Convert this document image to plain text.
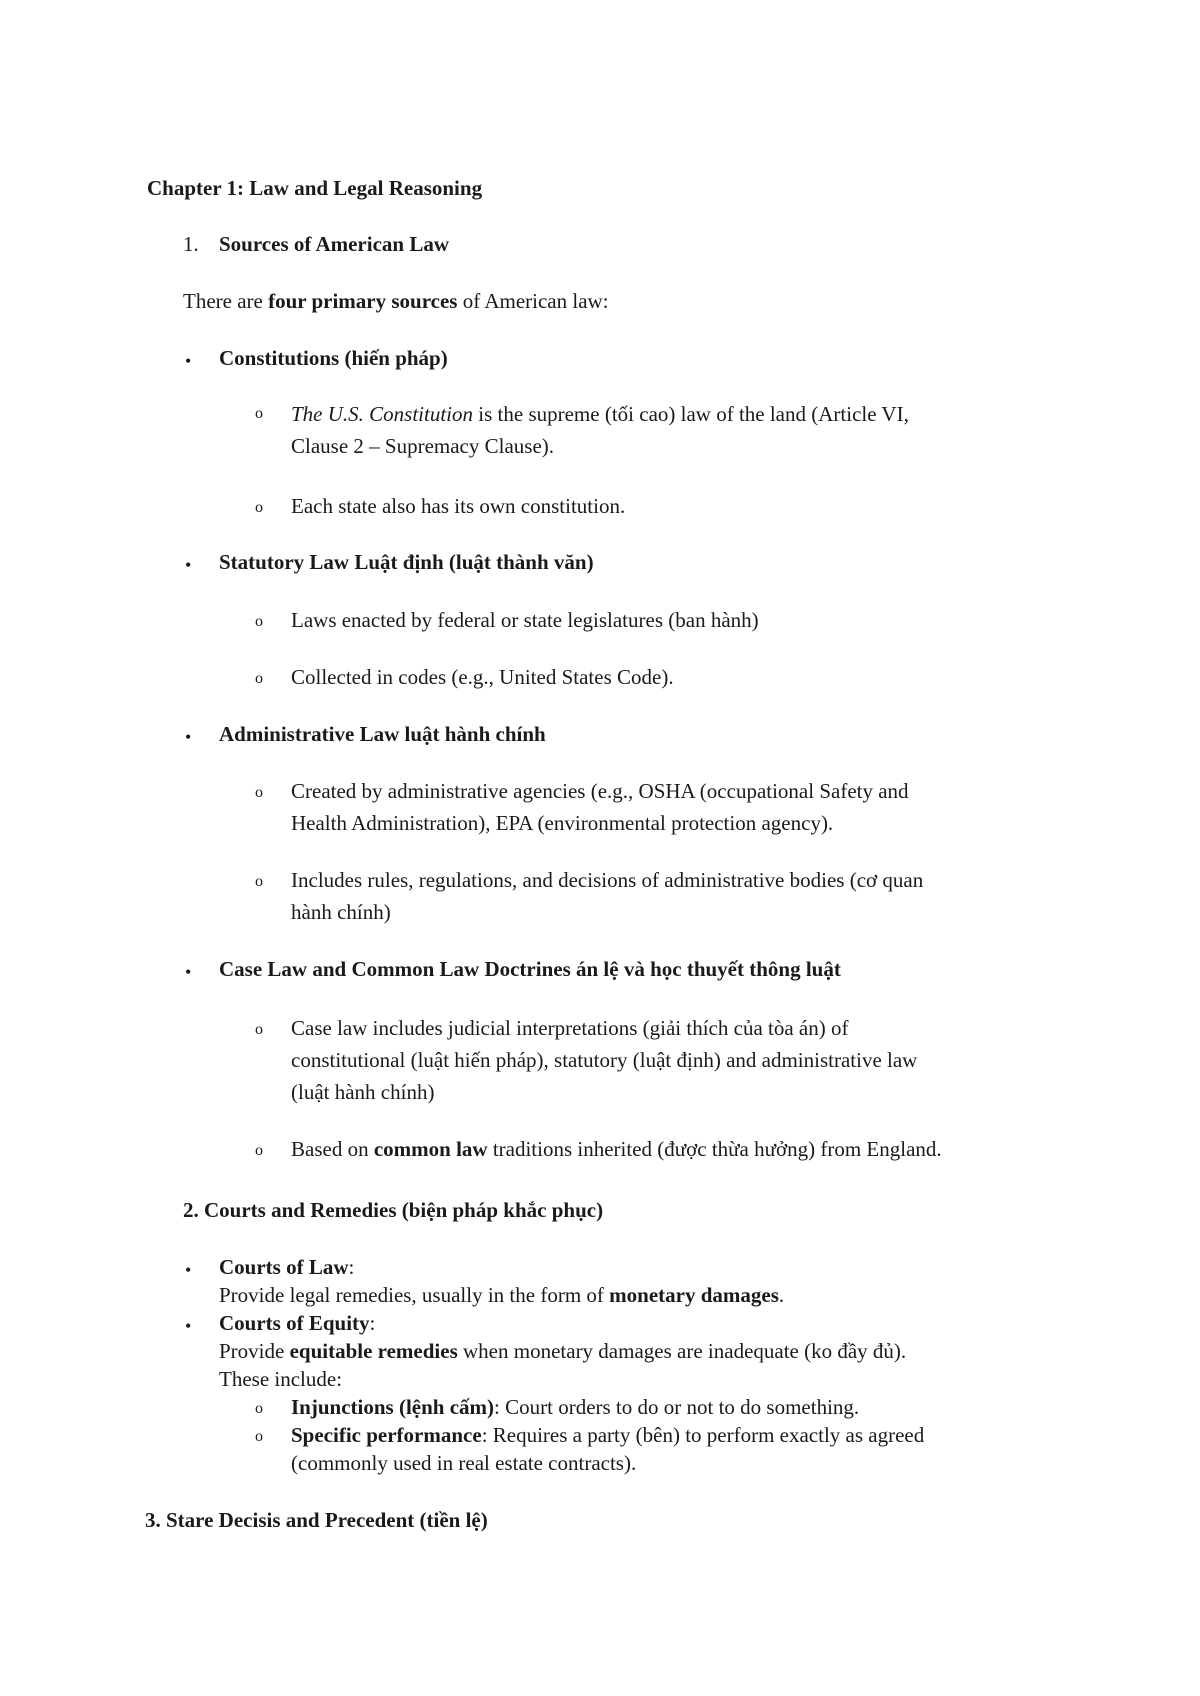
Chapter 1: Law and Legal Reasoning
1. Sources of American Law
There are four primary sources of American law:
• Constitutions (hiến pháp)
o The U.S. Constitution is the supreme (tối cao) law of the land (Article VI,
Clause 2 – Supremacy Clause).
o Each state also has its own constitution.
• Statutory Law Luật định (luật thành văn)
o Laws enacted by federal or state legislatures (ban hành)
o Collected in codes (e.g., United States Code).
• Administrative Law luật hành chính
o Created by administrative agencies (e.g., OSHA (occupational Safety and
Health Administration), EPA (environmental protection agency).
o Includes rules, regulations, and decisions of administrative bodies (cơ quan
hành chính)
• Case Law and Common Law Doctrines án lệ và học thuyết thông luật
o Case law includes judicial interpretations (giải thích của tòa án) of
constitutional (luật hiến pháp), statutory (luật định) and administrative law
(luật hành chính)
o Based on common law traditions inherited (được thừa hưởng) from England.
2. Courts and Remedies (biện pháp khắc phục)
• Courts of Law:
Provide legal remedies, usually in the form of monetary damages.
• Courts of Equity:
Provide equitable remedies when monetary damages are inadequate (ko đầy đủ).
These include:
o Injunctions (lệnh cấm): Court orders to do or not to do something.
o Specific performance: Requires a party (bên) to perform exactly as agreed
(commonly used in real estate contracts).
3. Stare Decisis and Precedent (tiền lệ)
